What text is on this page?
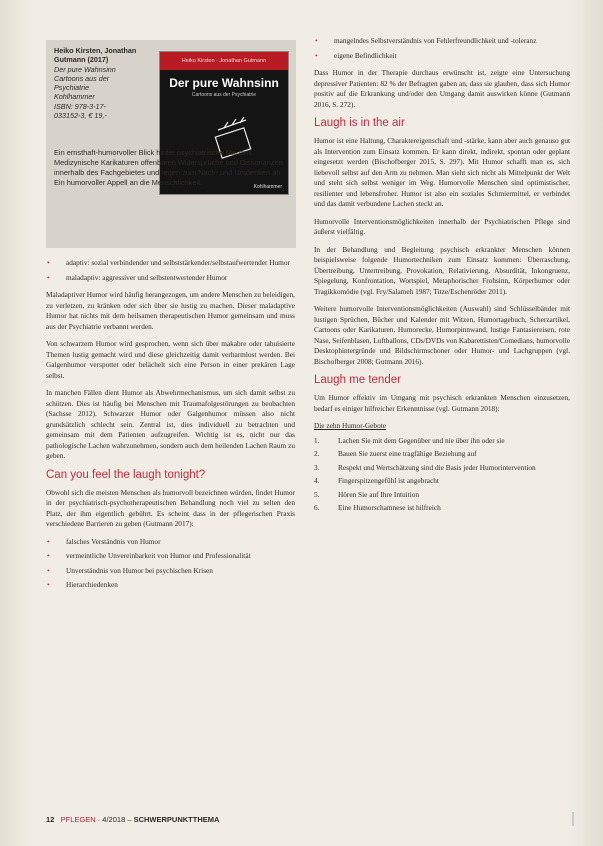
Heiko Kirsten, Jonathan Gutmann (2017)
Der pure Wahnsinn
Cartoons aus der
Psychiatrie
Kohlhammer
ISBN: 978-3-17-
033152-3, € 19,-
Heiko Kirsten · Jonathan Gutmann
Der pure Wahnsinn
Cartoons aus der Psychiatrie
Kohlhammer
Ein ernsthaft-humorvoller Blick hinter psychiatrische Mauern. Medizynische Karikaturen offenbaren Widersprüche und Dissonanzen innerhalb des Fachgebietes und regen zum Nach- und Umdenken an. Ein humorvoller Appell an die Menschlichkeit.
• adaptiv: sozial verbindender und selbststärkender/selbstaufwertender Humor
• maladaptiv: aggressiver und selbstentwertender Humor

Maladaptiver Humor wird häufig herangezogen, um andere Menschen zu beleidigen, zu verletzen, zu kränken oder sich über sie lustig zu machen. Dieser maladaptive Humor hat nichts mit dem heilsamen therapeutischen Humor gemeinsam und muss aus der Psychiatrie verbannt werden.

Von schwarzem Humor wird gesprochen, wenn sich über makabre oder tabuisierte Themen lustig gemacht wird und diese gleichzeitig damit verharmlost werden. Bei Galgenhumor verspottet oder belächelt sich eine Person in einer prekären Lage selbst.

In manchen Fällen dient Humor als Abwehrmechanismus, um sich damit selbst zu schützen. Dies ist häufig bei Menschen mit Traumafolgestörungen zu beobachten (Sachsse 2012). Schwarzer Humor oder Galgenhumor müssen also nicht grundsätzlich schlecht sein. Zentral ist, dies individuell zu betrachten und gemeinsam mit dem Patienten aufzugreifen. Wichtig ist es, nicht nur das pathologische Lachen wahrzunehmen, sondern auch dem heilenden Lachen Raum zu geben.

Can you feel the laugh tonight?

Obwohl sich die meisten Menschen als humorvoll bezeichnen würden, findet Humor in der psychiatrisch-psychotherapeutischen Behandlung noch viel zu selten den Platz, der ihm eigentlich gebührt. Es scheint dass in der pflegerischen Praxis verschiedene Barrieren zu geben (Gutmann 2017):

• falsches Verständnis von Humor
• vermeintliche Unvereinbarkeit von Humor und Professionalität
• Unverständnis von Humor bei psychischen Krisen
• Hierarchiedenken
• mangelndes Selbstverständnis von Fehlerfreundlichkeit und -toleranz
• eigene Befindlichkeit

Dass Humor in der Therapie durchaus erwünscht ist, zeigte eine Untersuchung depressiver Patienten: 82 % der Befragten gaben an, dass sie glauben, dass sich Humor positiv auf die Erkrankung und/oder den Umgang damit auswirken könne (Gutmann 2016, S. 272).

Laugh is in the air

Humor ist eine Haltung, Charaktereigenschaft und -stärke, kann aber auch genauso gut als Intervention zum Einsatz kommen. Er kann direkt, indirekt, spontan oder geplant eingesetzt werden (Bischofberger 2015, S. 297). Mit Humor schafft man es, sich liebevoll selbst auf den Arm zu nehmen. Man sieht sich nicht als Mittelpunkt der Welt und steht sich selbst weniger im Weg. Humorvolle Menschen sind optimistischer, resilienter und lebensfroher. Humor ist also ein soziales Schmiermittel, er verbindet und das damit verbundene Lachen steckt an.

Humorvolle Interventionsmöglichkeiten innerhalb der Psychiatrischen Pflege sind äußerst vielfältig.

In der Behandlung und Begleitung psychisch erkrankter Menschen können beispielsweise folgende Humortechniken zum Einsatz kommen: Überraschung, Übertreibung, Untertreibung, Provokation, Relativierung, Absurdität, Inkongruenz, Spiegelung, Konfrontation, Wortspiel, Metaphorischer Frohsinn, Körperhumor oder Tragikkomödie (vgl. Fry/Salameh 1987; Titze/Eschenröder 2011).

Weitere humorvolle Interventionsmöglichkeiten (Auswahl) sind Schlüsselbänder mit lustigen Sprüchen, Bücher und Kalender mit Witzen, Humortagebuch, Scherzartikel, Cartoons oder Karikaturen, Humorecke, Humorpinnwand, lustige Fantasiereisen, rote Nase, Seifenblasen, Luftballons, CDs/DVDs von Kabarettisten/Comedians, humorvolle Desktophintergründe und Bildschirmschoner oder Humor- und Lachgruppen (vgl. Bischofberger 2008; Gutmann 2016).

Laugh me tender

Um Humor effektiv im Umgang mit psychisch erkrankten Menschen einzusetzen, bedarf es einiger hilfreicher Erkenntnisse (vgl. Gutmann 2018):

Die zehn Humor-Gebote
1.	Lachen Sie mit dem Gegenüber und nie über ihn oder sie
2.	Bauen Sie zuerst eine tragfähige Beziehung auf
3.	Respekt und Wertschätzung sind die Basis jeder Humorintervention
4.	Fingerspitzengefühl ist angebracht
5.	Hören Sie auf Ihre Intuition
6.	Eine Humorschamnese ist hilfreich
12 PFLEGEN · 4/2018 – SCHWERPUNKTTHEMA
